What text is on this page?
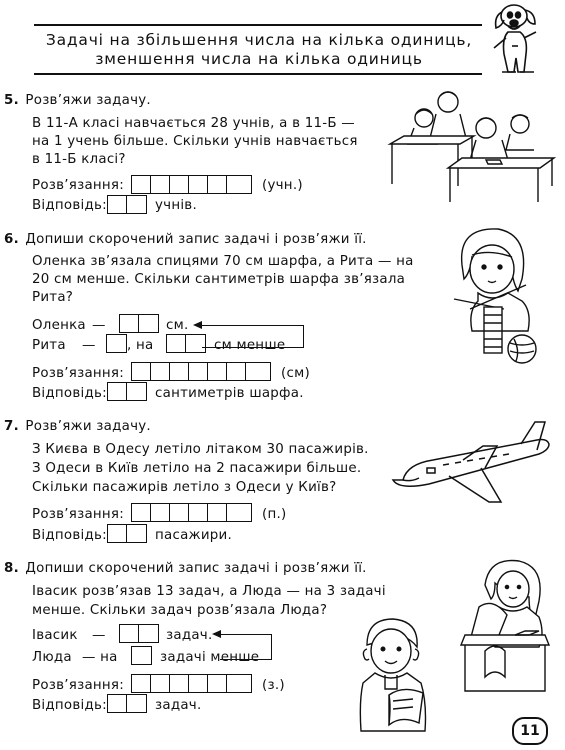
Задачі на збільшення числа на кілька одиниць,
зменшення числа на кілька одиниць
5. Розв’яжи задачу.
В 11-А класі навчається 28 учнів, а в 11-Б —
на 1 учень більше. Скільки учнів навчається
в 11-Б класі?
Розв’язання:	(учн.)
Відповідь:	учнів.
6. Допиши скорочений запис задачі і розв’яжи її.
Оленка зв’язала спицями 70 см шарфа, а Рита — на
20 см менше. Скільки сантиметрів шарфа зв’язала
Рита?
Оленка —	см.
Рита — , на	см менше
Розв’язання:	(см)
Відповідь:	сантиметрів шарфа.
7. Розв’яжи задачу.
З Києва в Одесу летіло літаком 30 пасажирів.
З Одеси в Київ летіло на 2 пасажири більше.
Скільки пасажирів летіло з Одеси у Київ?
Розв’язання:	(п.)
Відповідь:	пасажири.
8. Допиши скорочений запис задачі і розв’яжи її.
Івасик розв’язав 13 задач, а Люда — на 3 задачі
менше. Скільки задач розв’язала Люда?
Івасик —	задач.
Люда — на	задачі менше
Розв’язання:	(з.)
Відповідь:	задач.
11
